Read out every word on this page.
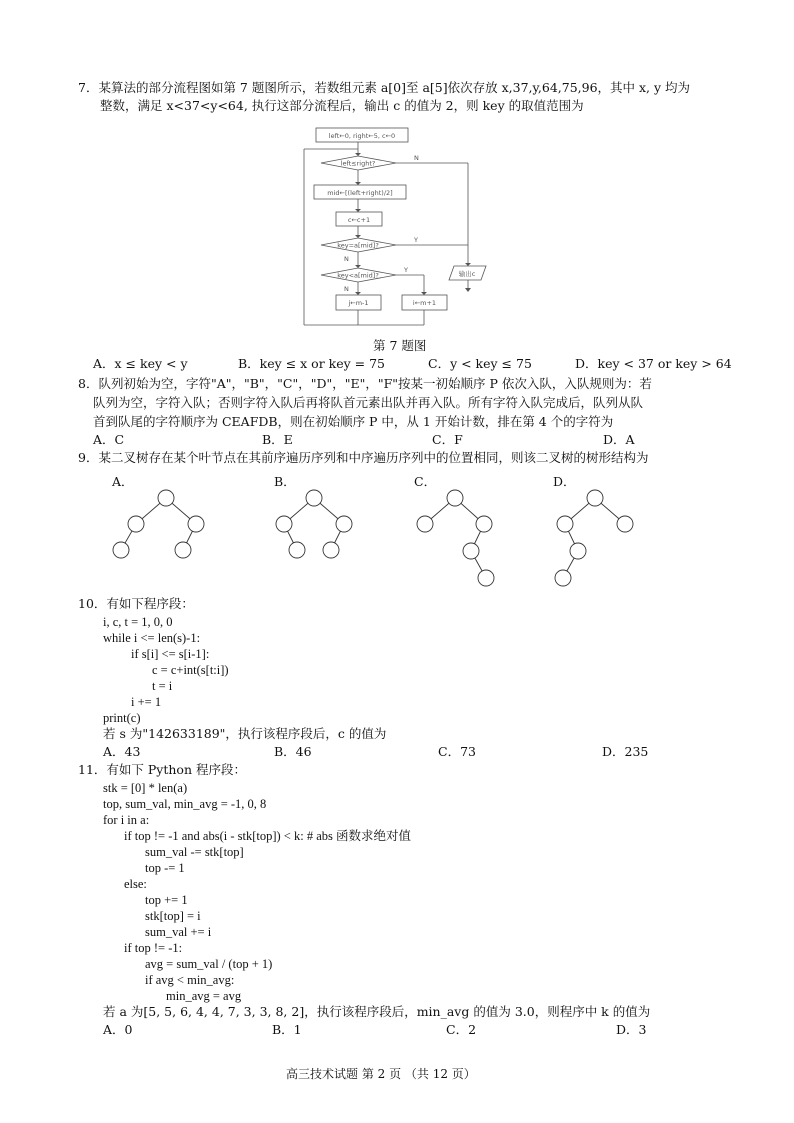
7．某算法的部分流程图如第 7 题图所示，若数组元素 a[0]至 a[5]依次存放 x,37,y,64,75,96，其中 x, y 均为
整数，满足 x<37<y<64, 执行这部分流程后，输出 c 的值为 2，则 key 的取值范围为
left←0, right←5, c←0
left≤right?
mid←[(left+right)/2]
c←c+1
key=a[mid]?
key<a[mid]?
j←m-1	i←m+1
输出c
N
Y
N
Y
N
第 7 题图
A．x ≤ key < y	B．key ≤ x or key = 75	C．y < key ≤ 75	D．key < 37 or key > 64
8．队列初始为空，字符"A"，"B"，"C"，"D"，"E"，"F"按某一初始顺序 P 依次入队，入队规则为：若
队列为空，字符入队；否则字符入队后再将队首元素出队并再入队。所有字符入队完成后，队列从队
首到队尾的字符顺序为 CEAFDB，则在初始顺序 P 中，从 1 开始计数，排在第 4 个的字符为
A．C	B．E	C．F	D．A
9．某二叉树存在某个叶节点在其前序遍历序列和中序遍历序列中的位置相同，则该二叉树的树形结构为
A．	B．	C．	D．
10．有如下程序段：
i, c, t = 1, 0, 0
while i <= len(s)-1:
if s[i] <= s[i-1]:
c = c+int(s[t:i])
t = i
i += 1
print(c)
若 s 为"142633189"，执行该程序段后，c 的值为
A．43	B．46	C．73	D．235
11．有如下 Python 程序段：
stk = [0] * len(a)
top, sum_val, min_avg = -1, 0, 8
for i in a:
if top != -1 and abs(i - stk[top]) < k: # abs 函数求绝对值
sum_val -= stk[top]
top -= 1
else:
top += 1
stk[top] = i
sum_val += i
if top != -1:
avg = sum_val / (top + 1)
if avg < min_avg:
min_avg = avg
若 a 为[5, 5, 6, 4, 4, 7, 3, 3, 8, 2]，执行该程序段后，min_avg 的值为 3.0，则程序中 k 的值为
A．0	B．1	C．2	D．3
高三技术试题 第 2 页 （共 12 页）
